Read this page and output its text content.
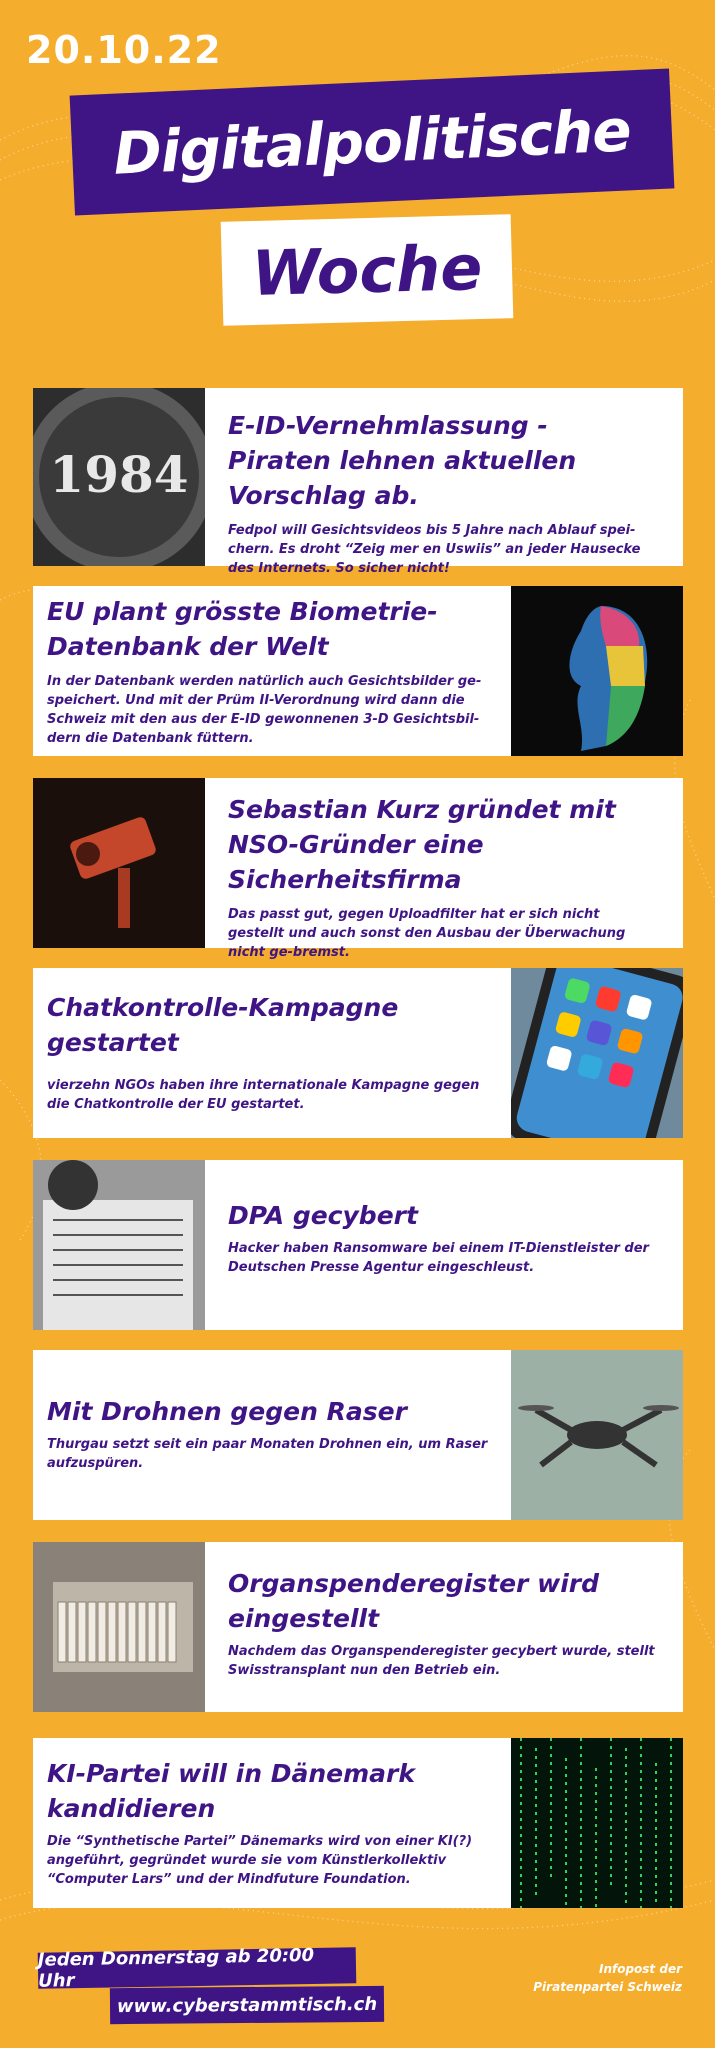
20.10.22
Digitalpolitische
Woche
1984
E-ID-Vernehmlassung - Piraten lehnen aktuellen Vorschlag ab.

Fedpol will Gesichtsvideos bis 5 Jahre nach Ablauf spei-chern. Es droht “Zeig mer en Uswiis” an jeder Hausecke des Internets. So sicher nicht!

EU plant grösste Biometrie-Datenbank der Welt

In der Datenbank werden natürlich auch Gesichtsbilder ge-speichert. Und mit der Prüm II-Verordnung wird dann die Schweiz mit den aus der E-ID gewonnenen 3-D Gesichtsbil-dern die Datenbank füttern.

Sebastian Kurz gründet mit NSO-Gründer eine Sicherheitsfirma

Das passt gut, gegen Uploadfilter hat er sich nicht gestellt und auch sonst den Ausbau der Überwachung nicht ge-bremst.

Chatkontrolle-Kampagne gestartet

vierzehn NGOs haben ihre internationale Kampagne gegen die Chatkontrolle der EU gestartet.

DPA gecybert

Hacker haben Ransomware bei einem IT-Dienstleister der Deutschen Presse Agentur eingeschleust.

Mit Drohnen gegen Raser

Thurgau setzt seit ein paar Monaten Drohnen ein, um Raser aufzuspüren.

Organspenderegister wird eingestellt

Nachdem das Organspenderegister gecybert wurde, stellt Swisstransplant nun den Betrieb ein.

KI-Partei will in Dänemark kandidieren

Die “Synthetische Partei” Dänemarks wird von einer KI(?) angeführt, gegründet wurde sie vom Künstlerkollektiv “Computer Lars” und der Mindfuture Foundation.

Jeden Donnerstag ab 20:00 Uhr
www.cyberstammtisch.ch
Infopost der
Piratenpartei Schweiz
